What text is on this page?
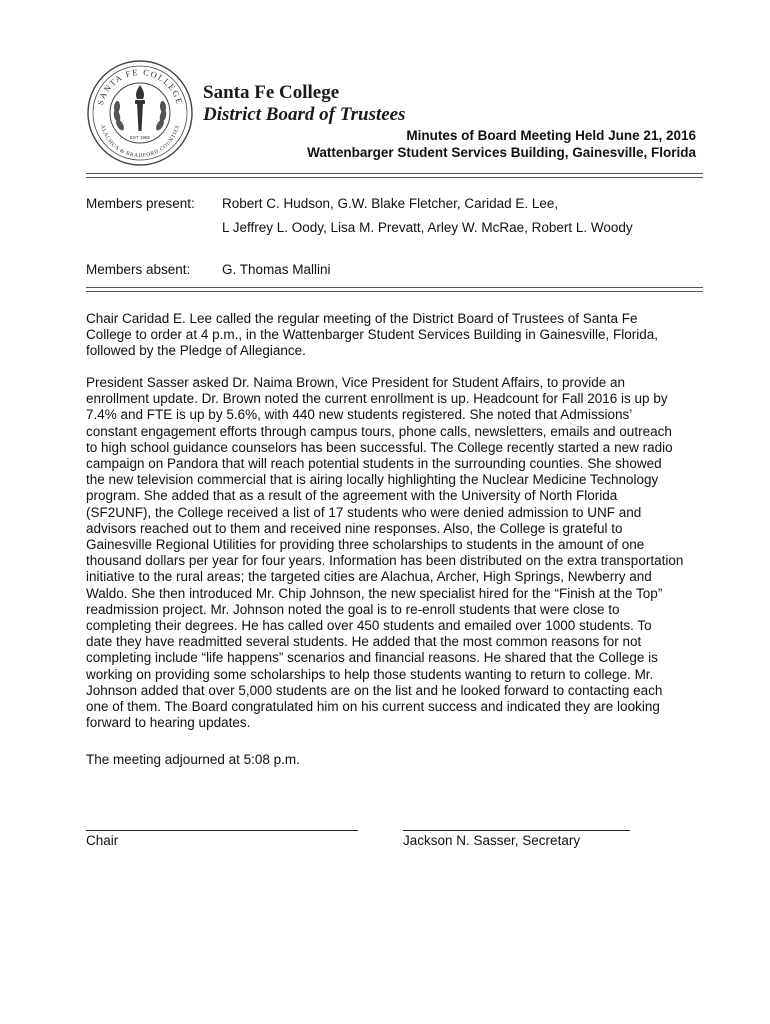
SANTA FE COLLEGE
ALACHUA & BRADFORD COUNTIES
EST 1965
Santa Fe College
District Board of Trustees
Minutes of Board Meeting Held June 21, 2016
Wattenbarger Student Services Building, Gainesville, Florida
Members present: Robert C. Hudson, G.W. Blake Fletcher, Caridad E. Lee,
L Jeffrey L. Oody, Lisa M. Prevatt, Arley W. McRae, Robert L. Woody
Members absent: G. Thomas Mallini

Chair Caridad E. Lee called the regular meeting of the District Board of Trustees of Santa Fe
College to order at 4 p.m., in the Wattenbarger Student Services Building in Gainesville, Florida,
followed by the Pledge of Allegiance.

President Sasser asked Dr. Naima Brown, Vice President for Student Affairs, to provide an
enrollment update. Dr. Brown noted the current enrollment is up. Headcount for Fall 2016 is up by
7.4% and FTE is up by 5.6%, with 440 new students registered. She noted that Admissions’
constant engagement efforts through campus tours, phone calls, newsletters, emails and outreach
to high school guidance counselors has been successful. The College recently started a new radio
campaign on Pandora that will reach potential students in the surrounding counties. She showed
the new television commercial that is airing locally highlighting the Nuclear Medicine Technology
program. She added that as a result of the agreement with the University of North Florida
(SF2UNF), the College received a list of 17 students who were denied admission to UNF and
advisors reached out to them and received nine responses. Also, the College is grateful to
Gainesville Regional Utilities for providing three scholarships to students in the amount of one
thousand dollars per year for four years. Information has been distributed on the extra transportation
initiative to the rural areas; the targeted cities are Alachua, Archer, High Springs, Newberry and
Waldo. She then introduced Mr. Chip Johnson, the new specialist hired for the “Finish at the Top”
readmission project. Mr. Johnson noted the goal is to re-enroll students that were close to
completing their degrees. He has called over 450 students and emailed over 1000 students. To
date they have readmitted several students. He added that the most common reasons for not
completing include “life happens” scenarios and financial reasons. He shared that the College is
working on providing some scholarships to help those students wanting to return to college. Mr.
Johnson added that over 5,000 students are on the list and he looked forward to contacting each
one of them. The Board congratulated him on his current success and indicated they are looking
forward to hearing updates.

The meeting adjourned at 5:08 p.m.

Chair	Jackson N. Sasser, Secretary
